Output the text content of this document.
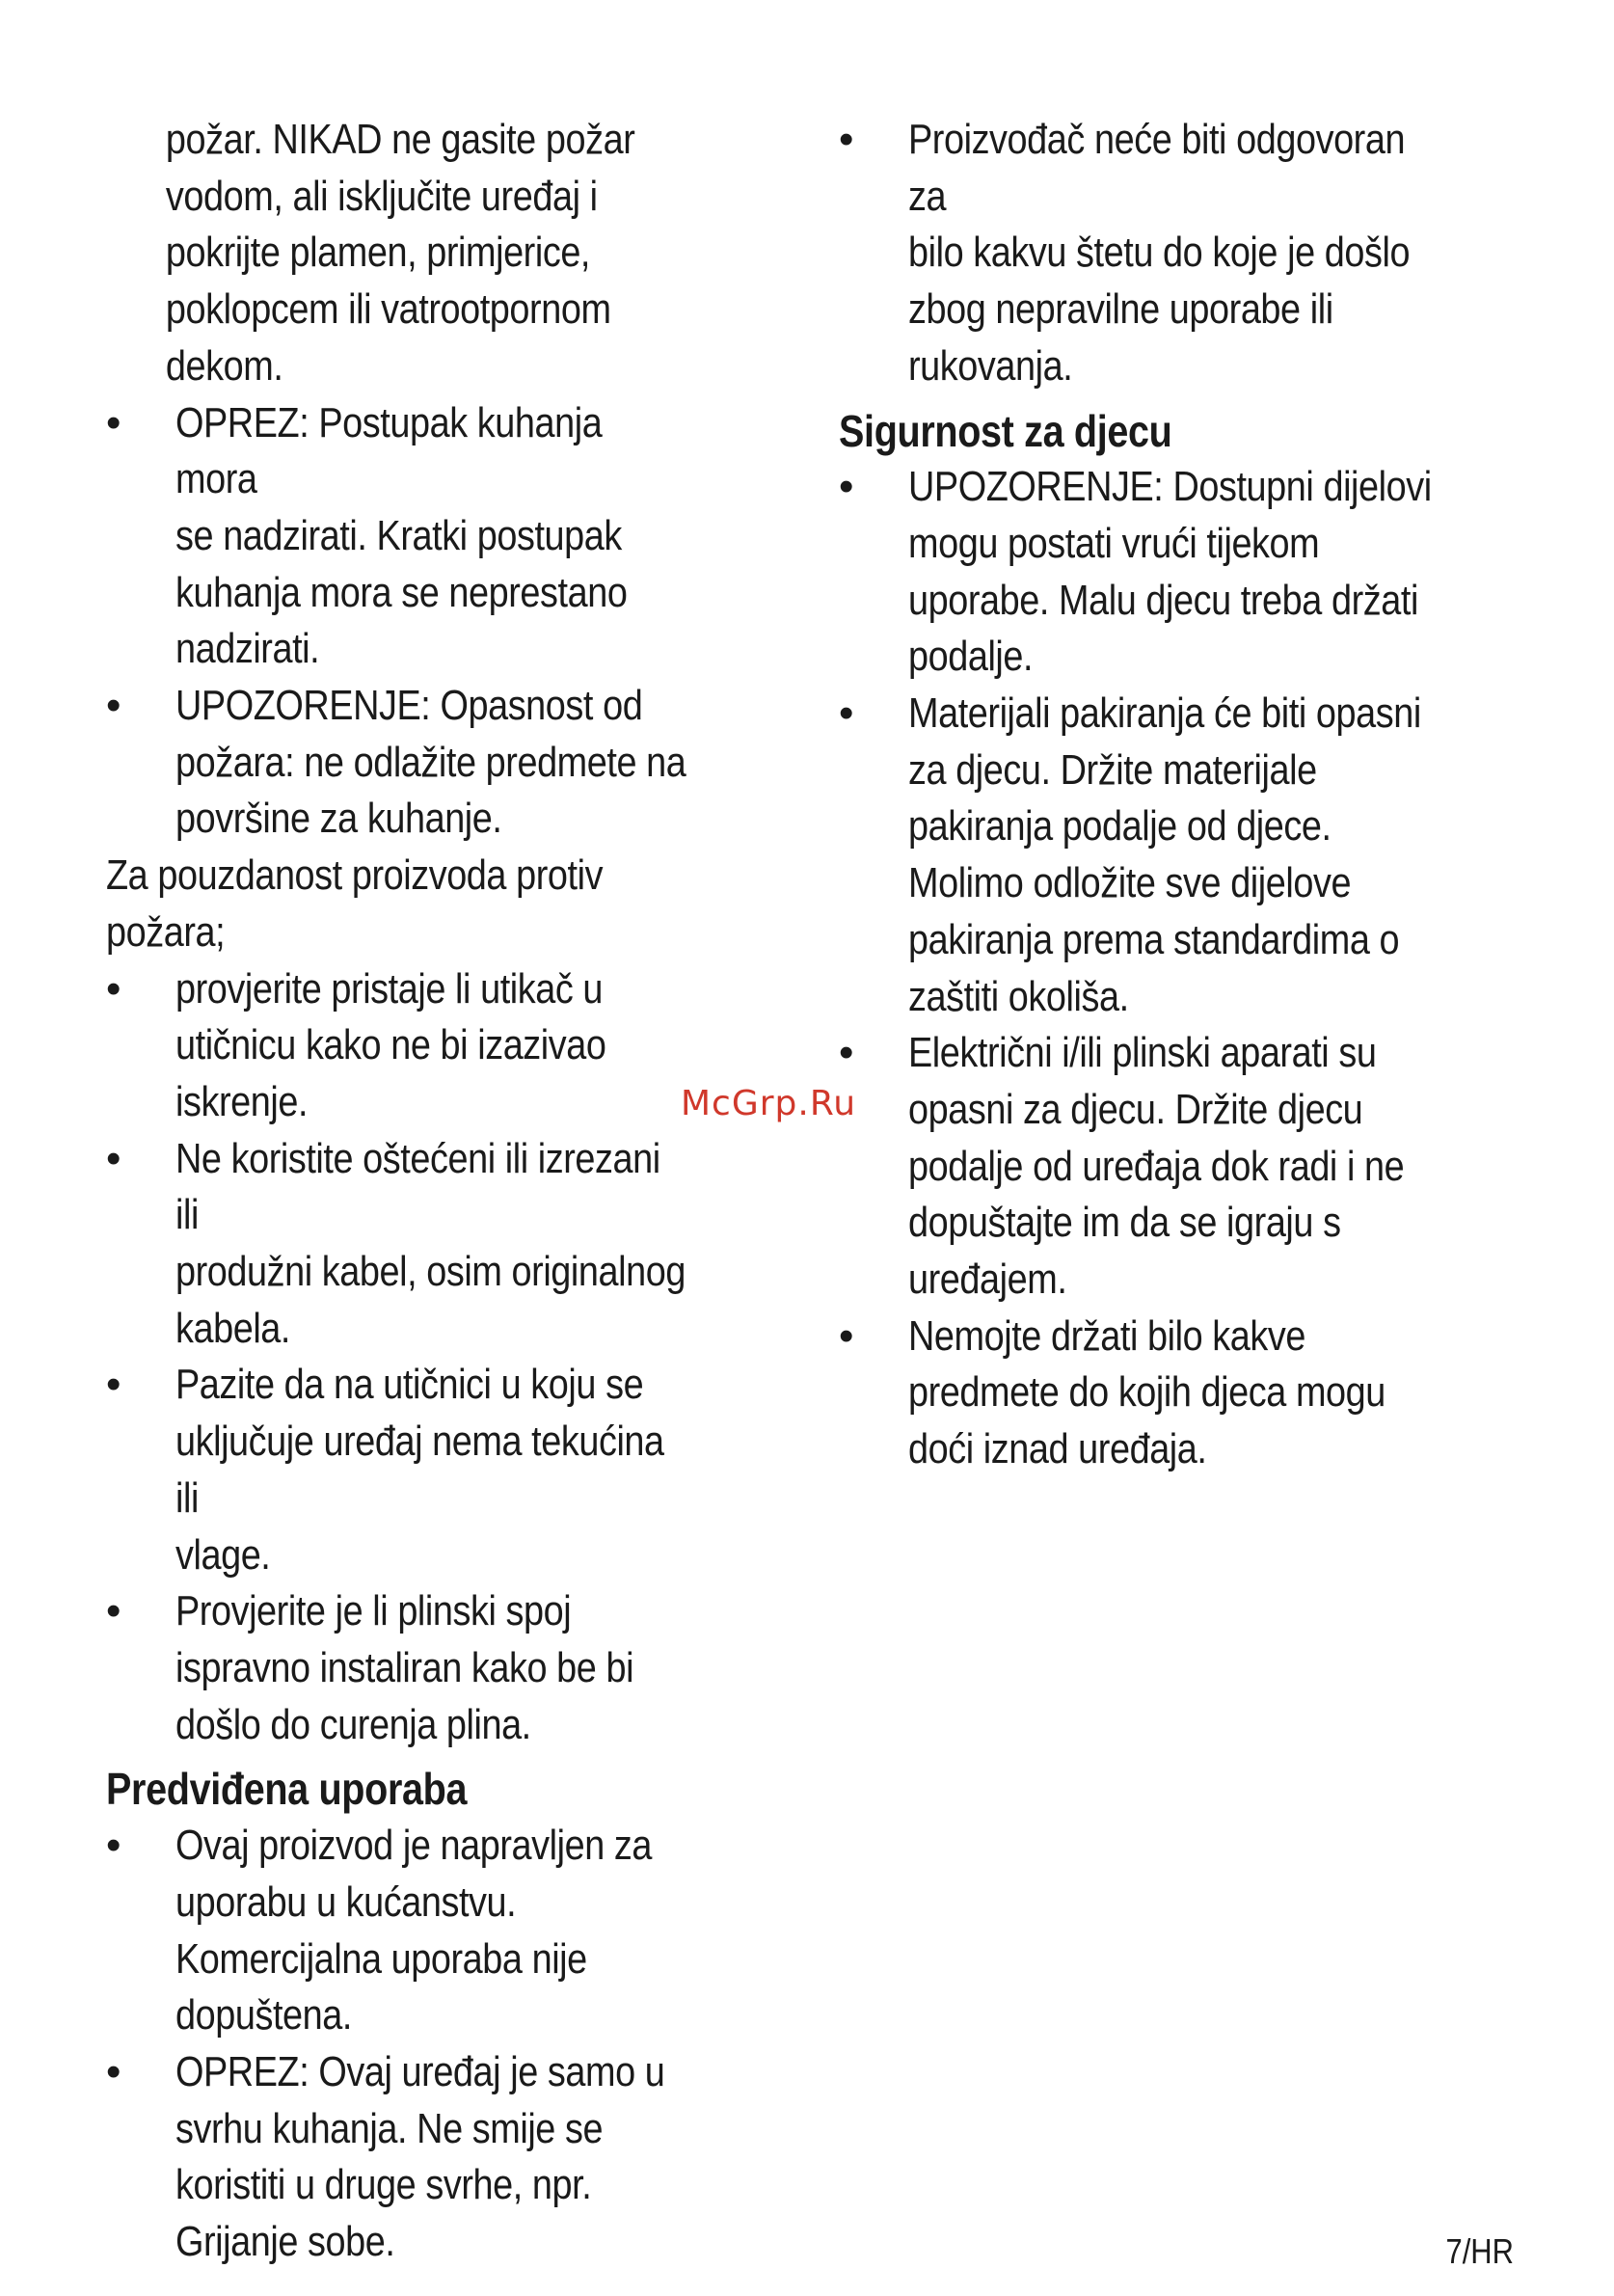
požar. NIKAD ne gasite požar
vodom, ali isključite uređaj i
pokrijte plamen, primjerice,
poklopcem ili vatrootpornom
dekom.

•	OPREZ: Postupak kuhanja mora
se nadzirati. Kratki postupak
kuhanja mora se neprestano
nadzirati.

•	UPOZORENJE: Opasnost od
požara: ne odlažite predmete na
površine za kuhanje.

Za pouzdanost proizvoda protiv
požara;

•	provjerite pristaje li utikač u
utičnicu kako ne bi izazivao
iskrenje.

•	Ne koristite oštećeni ili izrezani ili
produžni kabel, osim originalnog
kabela.

•	Pazite da na utičnici u koju se
uključuje uređaj nema tekućina ili
vlage.

•	Provjerite je li plinski spoj
ispravno instaliran kako be bi
došlo do curenja plina.

Predviđena uporaba
•	Ovaj proizvod je napravljen za
uporabu u kućanstvu.
Komercijalna uporaba nije
dopuštena.

•	OPREZ: Ovaj uređaj je samo u
svrhu kuhanja. Ne smije se
koristiti u druge svrhe, npr.
Grijanje sobe.

•	Proizvođač neće biti odgovoran za
bilo kakvu štetu do koje je došlo
zbog nepravilne uporabe ili
rukovanja.

Sigurnost za djecu
•	UPOZORENJE: Dostupni dijelovi
mogu postati vrući tijekom
uporabe. Malu djecu treba držati
podalje.

•	Materijali pakiranja će biti opasni
za djecu. Držite materijale
pakiranja podalje od djece.
Molimo odložite sve dijelove
pakiranja prema standardima o
zaštiti okoliša.

•	Električni i/ili plinski aparati su
opasni za djecu. Držite djecu
podalje od uređaja dok radi i ne
dopuštajte im da se igraju s
uređajem.

•	Nemojte držati bilo kakve
predmete do kojih djeca mogu
doći iznad uređaja.

McGrp.Ru
7/HR
